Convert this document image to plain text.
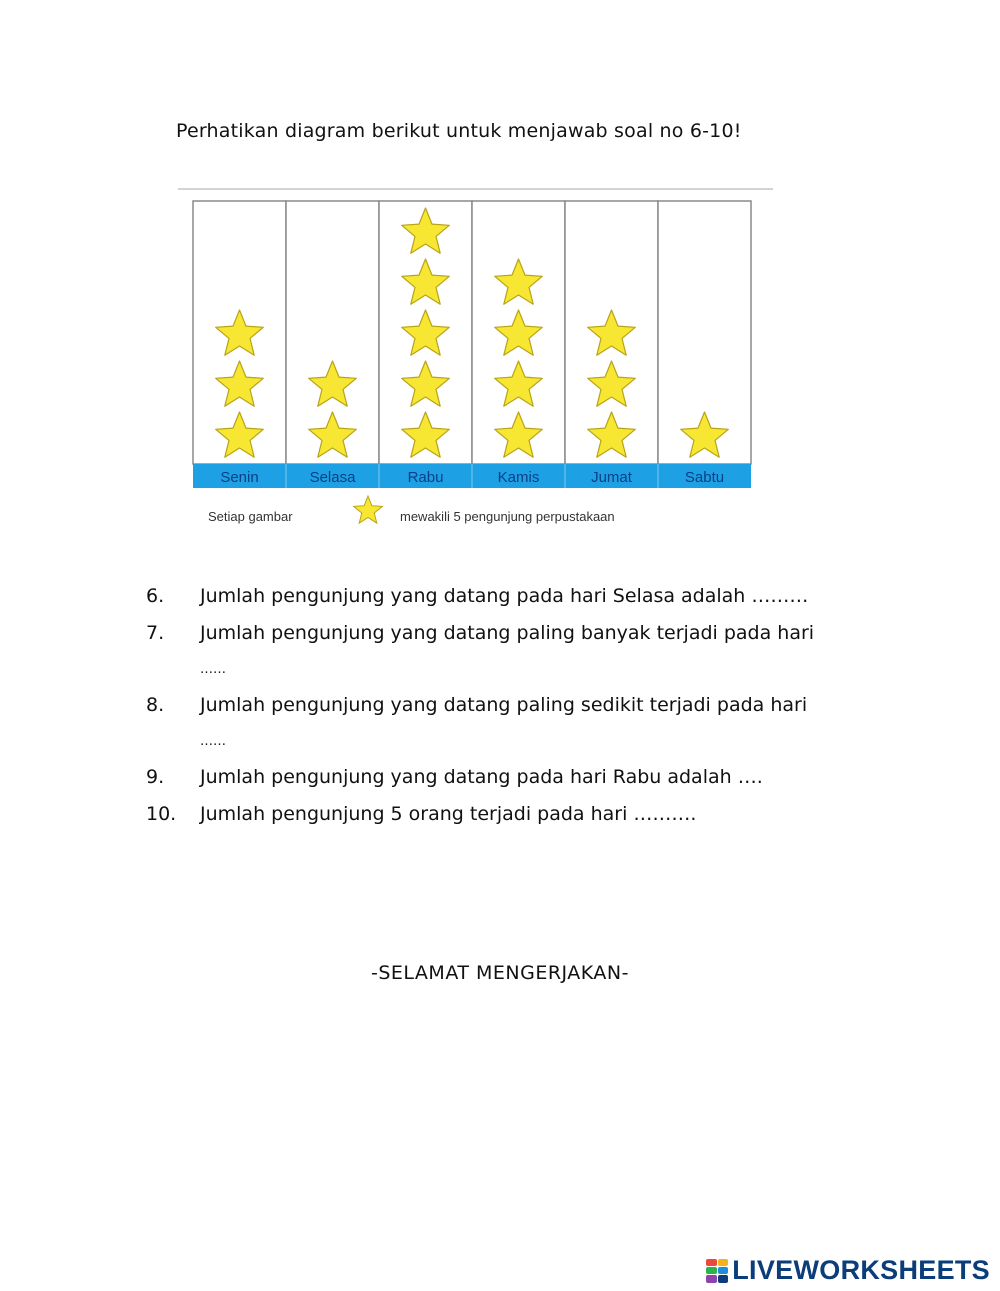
Perhatikan diagram berikut untuk menjawab soal no 6-10!
Senin	Selasa	Rabu	Kamis	Jumat	Sabtu
Setiap gambar	mewakili 5 pengunjung perpustakaan
6. Jumlah pengunjung yang datang pada hari Selasa adalah ………
7. Jumlah pengunjung yang datang paling banyak terjadi pada hari
……
8. Jumlah pengunjung yang datang paling sedikit terjadi pada hari
……
9. Jumlah pengunjung yang datang pada hari Rabu adalah ….
10. Jumlah pengunjung 5 orang terjadi pada hari ……….
-SELAMAT MENGERJAKAN-
LIVEWORKSHEETS
